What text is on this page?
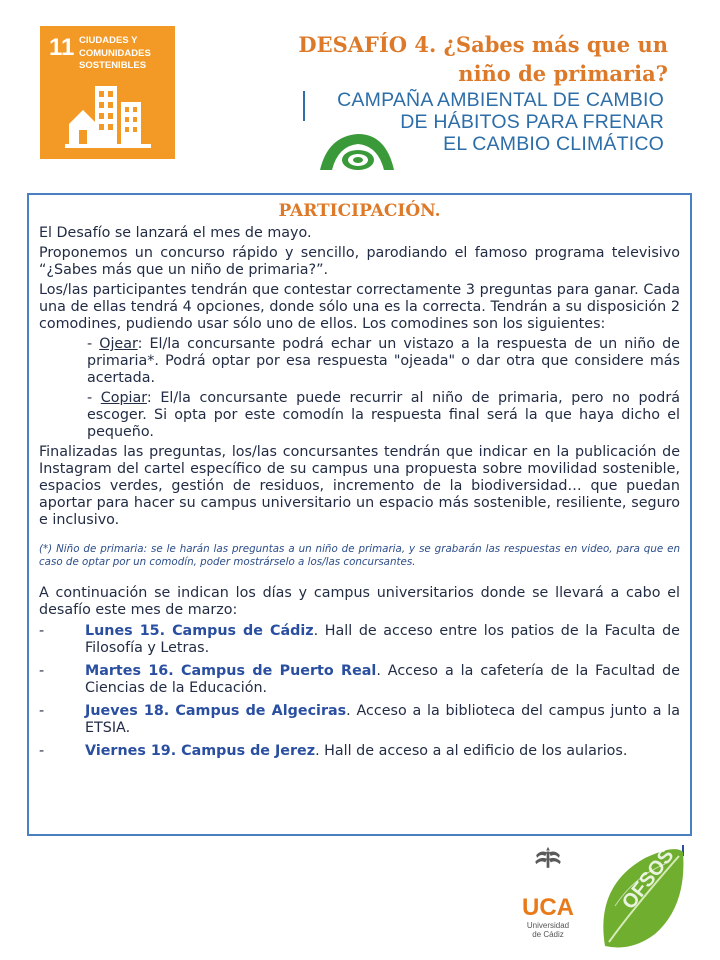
11 CIUDADES Y
COMUNIDADES
SOSTENIBLES
DESAFÍO 4. ¿Sabes más que un
niño de primaria?
CAMPAÑA AMBIENTAL DE CAMBIO
DE HÁBITOS PARA FRENAR
EL CAMBIO CLIMÁTICO
PARTICIPACIÓN.

El Desafío se lanzará el mes de mayo.

Proponemos un concurso rápido y sencillo, parodiando el famoso programa televisivo “¿Sabes más que un niño de primaria?”.

Los/las participantes tendrán que contestar correctamente 3 preguntas para ganar. Cada una de ellas tendrá 4 opciones, donde sólo una es la correcta. Tendrán a su disposición 2 comodines, pudiendo usar sólo uno de ellos. Los comodines son los siguientes:

- Ojear: El/la concursante podrá echar un vistazo a la respuesta de un niño de primaria*. Podrá optar por esa respuesta "ojeada" o dar otra que considere más acertada.

- Copiar: El/la concursante puede recurrir al niño de primaria, pero no podrá escoger. Si opta por este comodín la respuesta final será la que haya dicho el pequeño.

Finalizadas las preguntas, los/las concursantes tendrán que indicar en la publicación de Instagram del cartel específico de su campus una propuesta sobre movilidad sostenible, espacios verdes, gestión de residuos, incremento de la biodiversidad… que puedan aportar para hacer su campus universitario un espacio más sostenible, resiliente, seguro e inclusivo.

(*) Niño de primaria: se le harán las preguntas a un niño de primaria, y se grabarán las respuestas en video, para que en caso de optar por un comodín, poder mostrárselo a los/las concursantes.

A continuación se indican los días y campus universitarios donde se llevará a cabo el desafío este mes de marzo:

-	Lunes 15. Campus de Cádiz. Hall de acceso entre los patios de la Faculta de Filosofía y Letras.
-	Martes 16. Campus de Puerto Real. Acceso a la cafetería de la Facultad de Ciencias de la Educación.
-	Jueves 18. Campus de Algeciras. Acceso a la biblioteca del campus junto a la ETSIA.
-	Viernes 19. Campus de Jerez. Hall de acceso a al edificio de los aularios.
UCA
Universidad
de Cádiz
OFSOS
